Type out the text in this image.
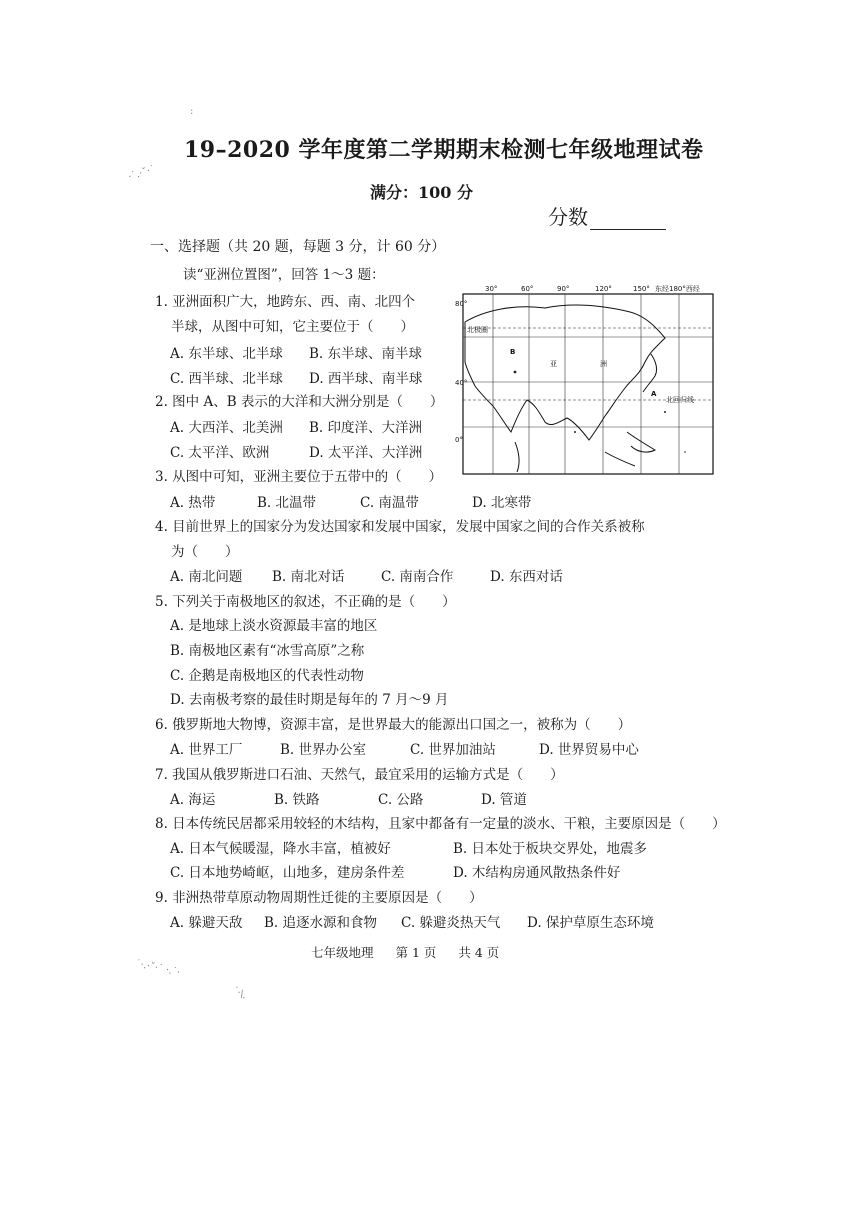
·˙.·ˇ·˙
:
˙·.·ˇ·˙ ·.˙·
˙·\.
19–2020 学年度第二学期期末检测七年级地理试卷
满分：100 分
分数
一、选择题（共 20 题，每题 3 分，计 60 分）
读“亚洲位置图”，回答 1～3 题：
30°	60°	90°	120°	150° 东经180°西经
80°
40°
0°
北极圈
B
亚	洲
A
北回归线
1. 亚洲面积广大，地跨东、西、南、北四个
半球，从图中可知，它主要位于（　　）
A. 东半球、北半球 B. 东半球、南半球
C. 西半球、北半球 D. 西半球、南半球
2. 图中 A、B 表示的大洋和大洲分别是（　　）
A. 大西洋、北美洲 B. 印度洋、大洋洲
C. 太平洋、欧洲	D. 太平洋、大洋洲
3. 从图中可知，亚洲主要位于五带中的（　　）
A. 热带	B. 北温带	C. 南温带	D. 北寒带
4. 目前世界上的国家分为发达国家和发展中国家，发展中国家之间的合作关系被称
为（　　）
A. 南北问题 B. 南北对话	C. 南南合作	D. 东西对话
5. 下列关于南极地区的叙述，不正确的是（　　）
A. 是地球上淡水资源最丰富的地区
B. 南极地区素有“冰雪高原”之称
C. 企鹅是南极地区的代表性动物
D. 去南极考察的最佳时期是每年的 7 月～9 月
6. 俄罗斯地大物博，资源丰富，是世界最大的能源出口国之一，被称为（　　）
A. 世界工厂	B. 世界办公室	C. 世界加油站	D. 世界贸易中心
7. 我国从俄罗斯进口石油、天然气，最宜采用的运输方式是（　　）
A. 海运	B. 铁路	C. 公路	D. 管道
8. 日本传统民居都采用较轻的木结构，且家中都备有一定量的淡水、干粮，主要原因是（　　）
A. 日本气候暖湿，降水丰富，植被好	B. 日本处于板块交界处，地震多
C. 日本地势崎岖，山地多，建房条件差	D. 木结构房通风散热条件好
9. 非洲热带草原动物周期性迁徙的主要原因是（　　）
A. 躲避天敌 B. 追逐水源和食物 C. 躲避炎热天气 D. 保护草原生态环境
七年级地理 第 1 页 共 4 页
